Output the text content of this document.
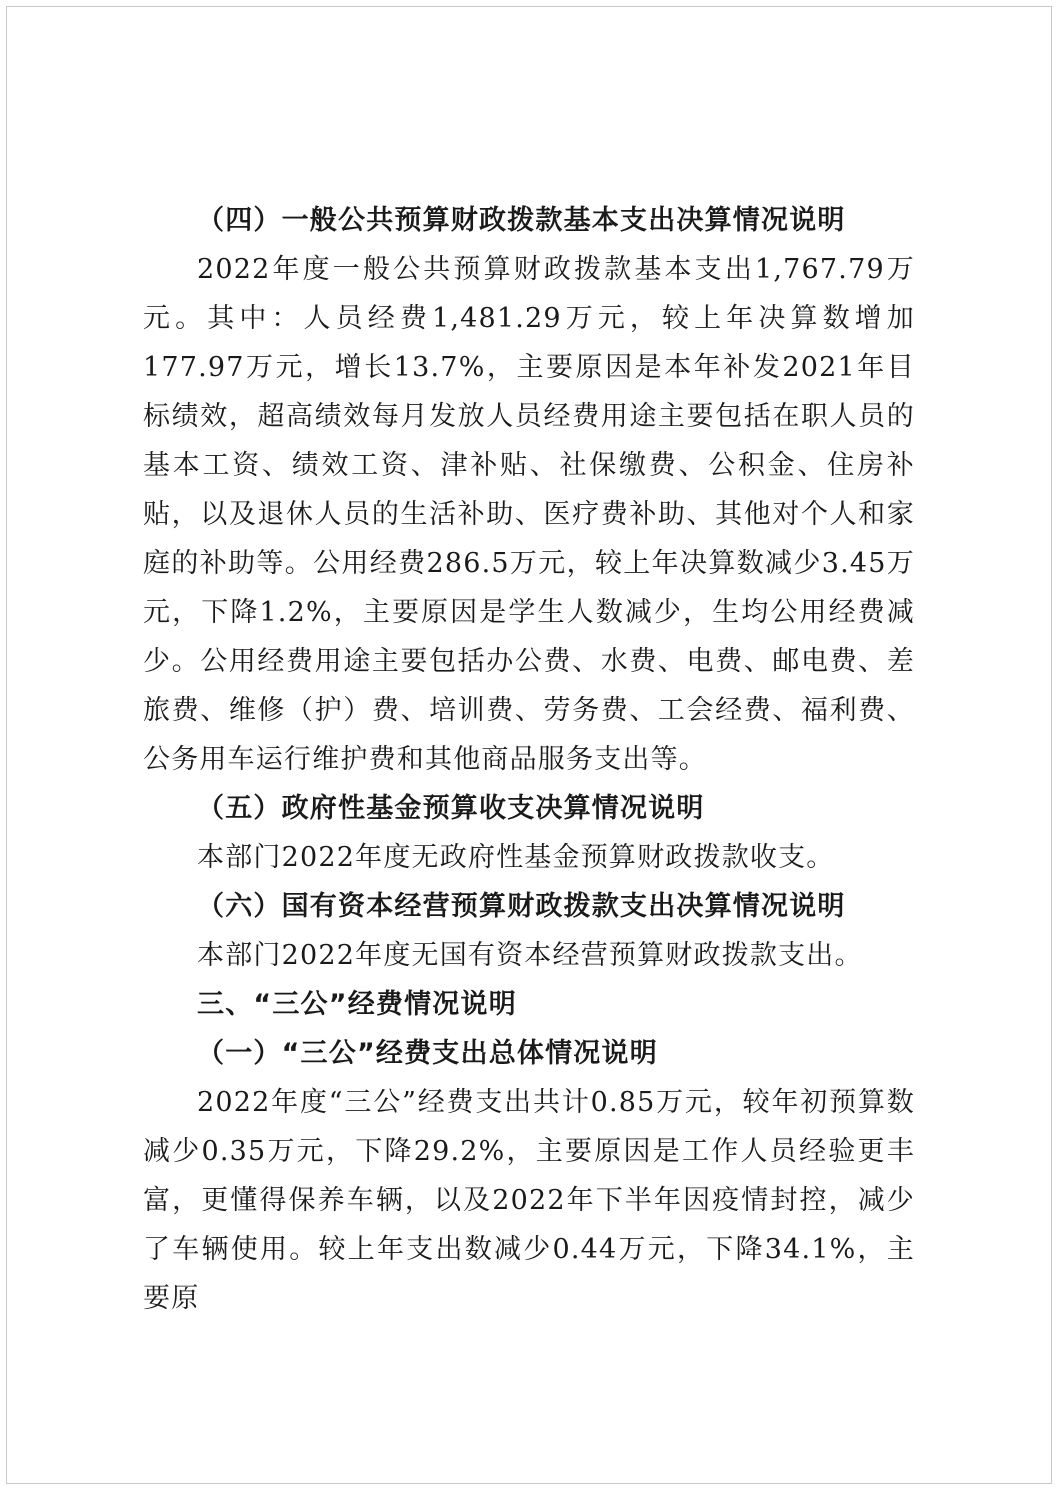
（四）一般公共预算财政拨款基本支出决算情况说明

2022年度一般公共预算财政拨款基本支出1,767.79万元。其中：人员经费1,481.29万元，较上年决算数增加177.97万元，增长13.7%，主要原因是本年补发2021年目标绩效，超高绩效每月发放人员经费用途主要包括在职人员的基本工资、绩效工资、津补贴、社保缴费、公积金、住房补贴，以及退休人员的生活补助、医疗费补助、其他对个人和家庭的补助等。公用经费286.5万元，较上年决算数减少3.45万元，下降1.2%，主要原因是学生人数减少，生均公用经费减少。公用经费用途主要包括办公费、水费、电费、邮电费、差旅费、维修（护）费、培训费、劳务费、工会经费、福利费、公务用车运行维护费和其他商品服务支出等。

（五）政府性基金预算收支决算情况说明

本部门2022年度无政府性基金预算财政拨款收支。

（六）国有资本经营预算财政拨款支出决算情况说明

本部门2022年度无国有资本经营预算财政拨款支出。

三、“三公”经费情况说明

（一）“三公”经费支出总体情况说明

2022年度“三公”经费支出共计0.85万元，较年初预算数减少0.35万元，下降29.2%，主要原因是工作人员经验更丰富，更懂得保养车辆，以及2022年下半年因疫情封控，减少了车辆使用。较上年支出数减少0.44万元，下降34.1%，主要原
